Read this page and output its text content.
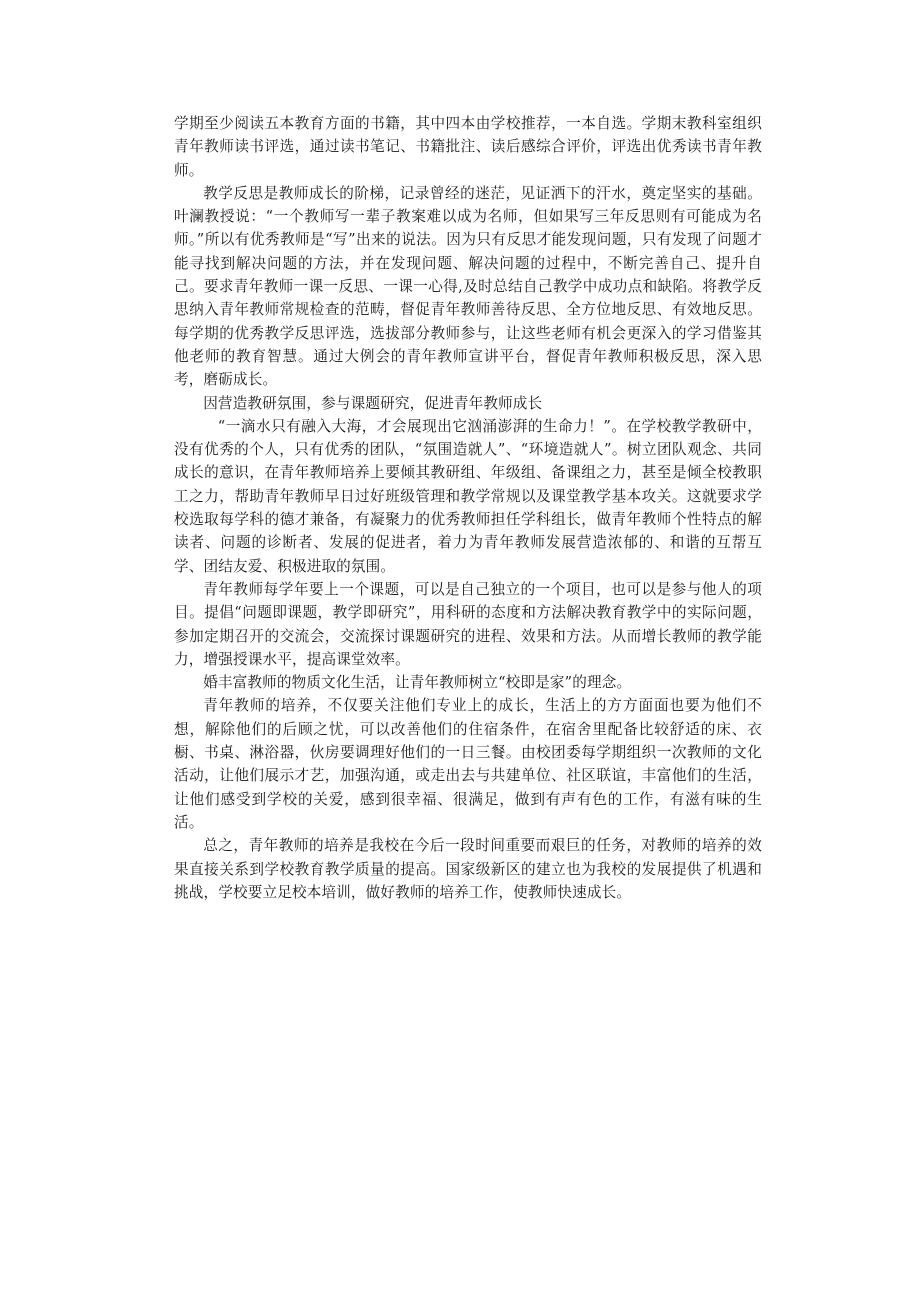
学期至少阅读五本教育方面的书籍，其中四本由学校推荐，一本自选。学期末教科室组织青年教师读书评选，通过读书笔记、书籍批注、读后感综合评价，评选出优秀读书青年教师。

教学反思是教师成长的阶梯，记录曾经的迷茫，见证洒下的汗水，奠定坚实的基础。叶澜教授说：“一个教师写一辈子教案难以成为名师，但如果写三年反思则有可能成为名师。”所以有优秀教师是“写”出来的说法。因为只有反思才能发现问题，只有发现了问题才能寻找到解决问题的方法，并在发现问题、解决问题的过程中，不断完善自己、提升自己。要求青年教师一课一反思、一课一心得,及时总结自己教学中成功点和缺陷。将教学反思纳入青年教师常规检查的范畴，督促青年教师善待反思、全方位地反思、有效地反思。每学期的优秀教学反思评选，选拔部分教师参与，让这些老师有机会更深入的学习借鉴其他老师的教育智慧。通过大例会的青年教师宣讲平台，督促青年教师积极反思，深入思考，磨砺成长。

因营造教研氛围，参与课题研究，促进青年教师成长

“一滴水只有融入大海，才会展现出它汹涌澎湃的生命力！”。在学校教学教研中，没有优秀的个人，只有优秀的团队，“氛围造就人”、“环境造就人”。树立团队观念、共同成长的意识，在青年教师培养上要倾其教研组、年级组、备课组之力，甚至是倾全校教职工之力，帮助青年教师早日过好班级管理和教学常规以及课堂教学基本攻关。这就要求学校选取每学科的德才兼备，有凝聚力的优秀教师担任学科组长，做青年教师个性特点的解读者、问题的诊断者、发展的促进者，着力为青年教师发展营造浓郁的、和谐的互帮互学、团结友爱、积极进取的氛围。

青年教师每学年要上一个课题，可以是自己独立的一个项目，也可以是参与他人的项目。提倡“问题即课题，教学即研究”，用科研的态度和方法解决教育教学中的实际问题，参加定期召开的交流会，交流探讨课题研究的进程、效果和方法。从而增长教师的教学能力，增强授课水平，提高课堂效率。

婚丰富教师的物质文化生活，让青年教师树立“校即是家”的理念。

青年教师的培养，不仅要关注他们专业上的成长，生活上的方方面面也要为他们不想，解除他们的后顾之忧，可以改善他们的住宿条件，在宿舍里配备比较舒适的床、衣橱、书桌、淋浴器，伙房要调理好他们的一日三餐。由校团委每学期组织一次教师的文化活动，让他们展示才艺，加强沟通，或走出去与共建单位、社区联谊，丰富他们的生活，让他们感受到学校的关爱，感到很幸福、很满足，做到有声有色的工作，有滋有味的生活。

总之，青年教师的培养是我校在今后一段时间重要而艰巨的任务，对教师的培养的效果直接关系到学校教育教学质量的提高。国家级新区的建立也为我校的发展提供了机遇和挑战，学校要立足校本培训，做好教师的培养工作，使教师快速成长。
